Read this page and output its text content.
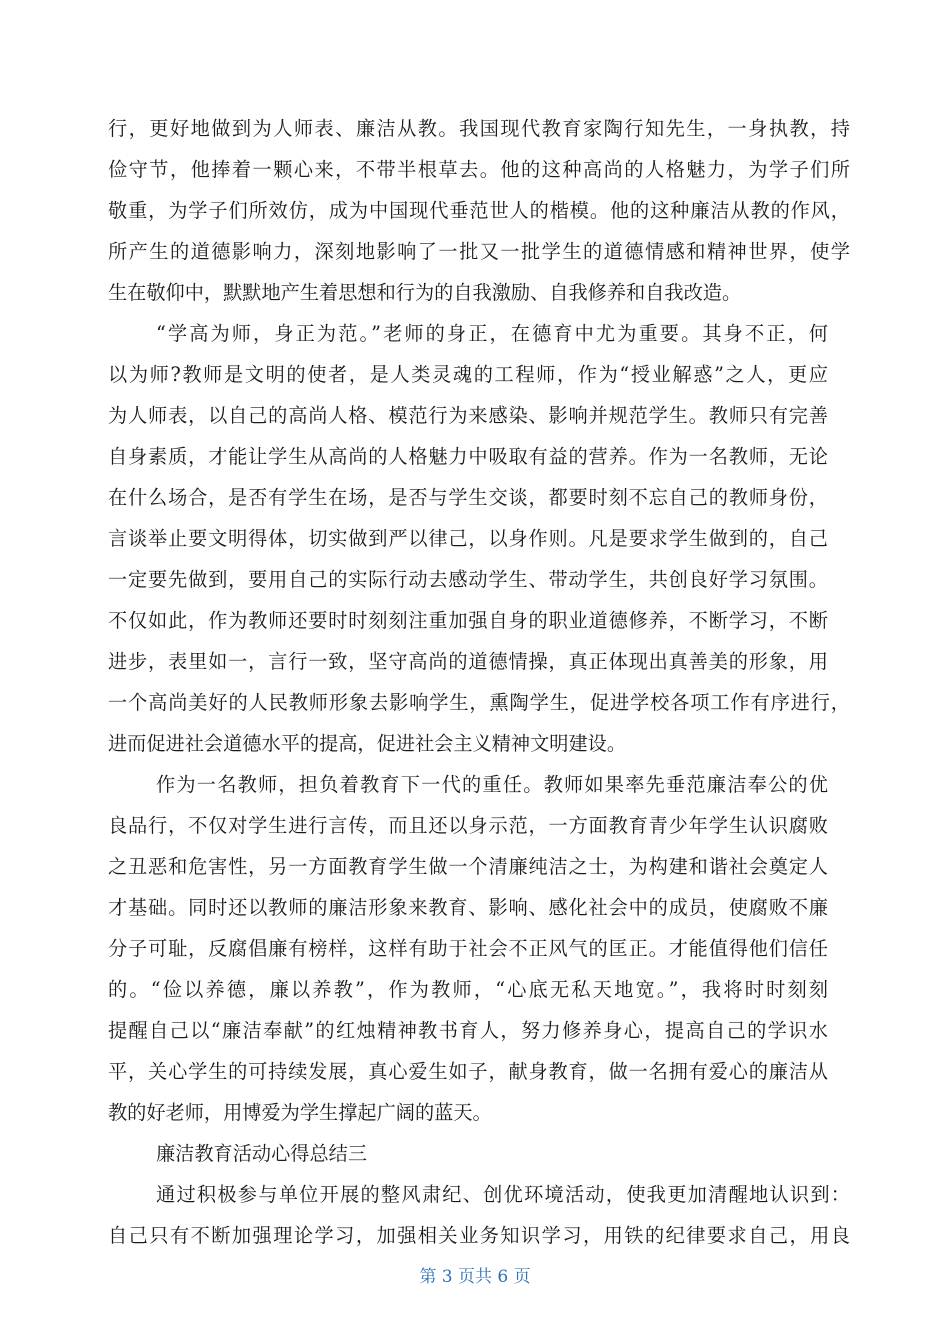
行，更好地做到为人师表、廉洁从教。我国现代教育家陶行知先生，一身执教，持
俭守节，他捧着一颗心来，不带半根草去。他的这种高尚的人格魅力，为学子们所
敬重，为学子们所效仿，成为中国现代垂范世人的楷模。他的这种廉洁从教的作风，
所产生的道德影响力，深刻地影响了一批又一批学生的道德情感和精神世界，使学
生在敬仰中，默默地产生着思想和行为的自我激励、自我修养和自我改造。
“学高为师，身正为范。”老师的身正，在德育中尤为重要。其身不正，何
以为师?教师是文明的使者，是人类灵魂的工程师，作为“授业解惑”之人，更应
为人师表，以自己的高尚人格、模范行为来感染、影响并规范学生。教师只有完善
自身素质，才能让学生从高尚的人格魅力中吸取有益的营养。作为一名教师，无论
在什么场合，是否有学生在场，是否与学生交谈，都要时刻不忘自己的教师身份，
言谈举止要文明得体，切实做到严以律己，以身作则。凡是要求学生做到的，自己
一定要先做到，要用自己的实际行动去感动学生、带动学生，共创良好学习氛围。
不仅如此，作为教师还要时时刻刻注重加强自身的职业道德修养，不断学习，不断
进步，表里如一，言行一致，坚守高尚的道德情操，真正体现出真善美的形象，用
一个高尚美好的人民教师形象去影响学生，熏陶学生，促进学校各项工作有序进行，
进而促进社会道德水平的提高，促进社会主义精神文明建设。
作为一名教师，担负着教育下一代的重任。教师如果率先垂范廉洁奉公的优
良品行，不仅对学生进行言传，而且还以身示范，一方面教育青少年学生认识腐败
之丑恶和危害性，另一方面教育学生做一个清廉纯洁之士，为构建和谐社会奠定人
才基础。同时还以教师的廉洁形象来教育、影响、感化社会中的成员，使腐败不廉
分子可耻，反腐倡廉有榜样，这样有助于社会不正风气的匡正。才能值得他们信任
的。“俭以养德，廉以养教”，作为教师，“心底无私天地宽。”，我将时时刻刻
提醒自己以“廉洁奉献”的红烛精神教书育人，努力修养身心，提高自己的学识水
平，关心学生的可持续发展，真心爱生如子，献身教育，做一名拥有爱心的廉洁从
教的好老师，用博爱为学生撑起广阔的蓝天。
廉洁教育活动心得总结三
通过积极参与单位开展的整风肃纪、创优环境活动，使我更加清醒地认识到：
自己只有不断加强理论学习，加强相关业务知识学习，用铁的纪律要求自己，用良
第 3 页共 6 页
